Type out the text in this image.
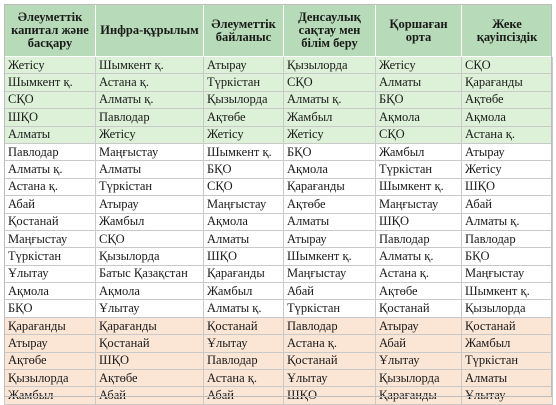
Әлеуметтік капитал және басқару	Инфра-құрылым	Әлеуметтік байланыс	Денсаулық сақтау мен білім беру	Қоршаған орта	Жеке қауіпсіздік
Жетісу	Шымкент қ.	Атырау	Қызылорда	Жетісу	СҚО
Шымкент қ.	Астана қ.	Түркістан	СҚО	Алматы	Қарағанды
СҚО	Алматы қ.	Қызылорда	Алматы қ.	БҚО	Ақтөбе
ШҚО	Павлодар	Ақтөбе	Жамбыл	Ақмола	Ақмола
Алматы	Жетісу	Жетісу	Жетісу	СҚО	Астана қ.
Павлодар	Маңғыстау	Шымкент қ.	БҚО	Жамбыл	Атырау
Алматы қ.	Алматы	БҚО	Ақмола	Түркістан	Жетісу
Астана қ.	Түркістан	СҚО	Қарағанды	Шымкент қ.	ШҚО
Абай	Атырау	Маңғыстау	Ақтөбе	Маңғыстау	Абай
Қостанай	Жамбыл	Ақмола	Алматы	ШҚО	Алматы қ.
Маңғыстау	СҚО	Алматы	Атырау	Павлодар	Павлодар
Түркістан	Қызылорда	ШҚО	Шымкент қ.	Алматы қ.	БҚО
Ұлытау	Батыс Қазақстан	Қарағанды	Маңғыстау	Астана қ.	Маңғыстау
Ақмола	Ақмола	Жамбыл	Абай	Ақтөбе	Шымкент қ.
БҚО	Ұлытау	Алматы қ.	Түркістан	Қостанай	Қызылорда
Қарағанды	Қарағанды	Қостанай	Павлодар	Атырау	Қостанай
Атырау	Қостанай	Ұлытау	Астана қ.	Абай	Жамбыл
Ақтөбе	ШҚО	Павлодар	Қостанай	Ұлытау	Түркістан
Қызылорда	Ақтөбе	Астана қ.	Ұлытау	Қызылорда	Алматы
Жамбыл	Абай	Абай	ШҚО	Қарағанды	Ұлытау
